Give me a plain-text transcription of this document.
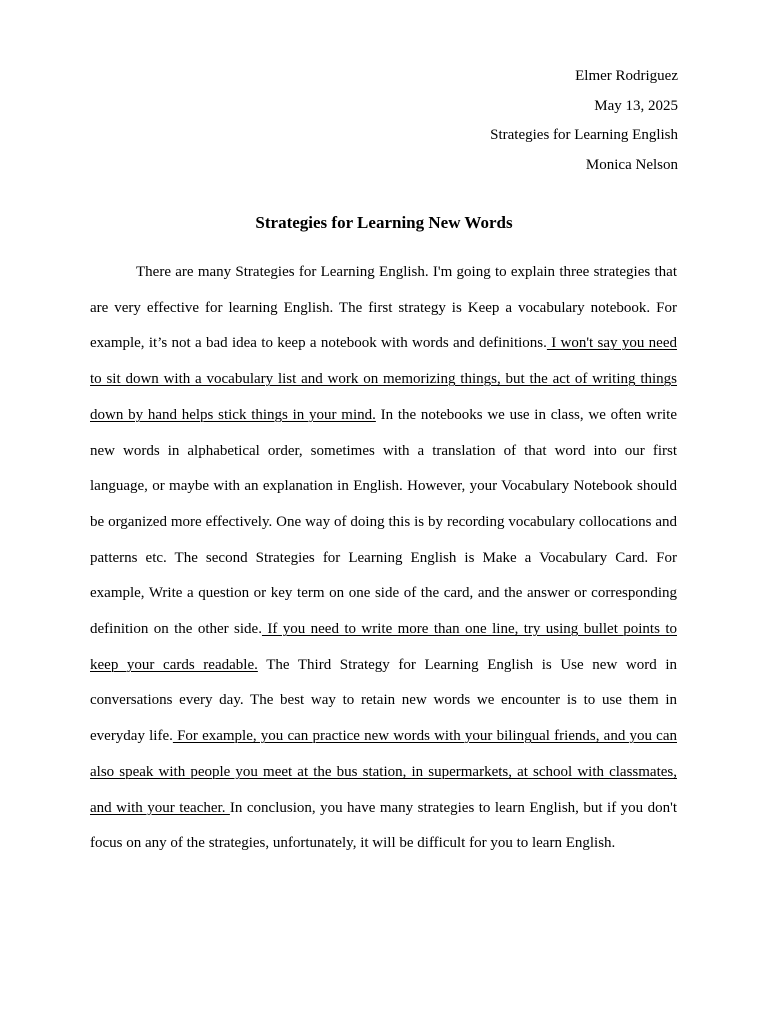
Elmer Rodriguez
May 13, 2025
Strategies for Learning English
Monica Nelson
Strategies for Learning New Words

There are many Strategies for Learning English. I'm going to explain three strategies that are very effective for learning English. The first strategy is Keep a vocabulary notebook. For example, it’s not a bad idea to keep a notebook with words and definitions. I won't say you need to sit down with a vocabulary list and work on memorizing things, but the act of writing things down by hand helps stick things in your mind. In the notebooks we use in class, we often write new words in alphabetical order, sometimes with a translation of that word into our first language, or maybe with an explanation in English. However, your Vocabulary Notebook should be organized more effectively. One way of doing this is by recording vocabulary collocations and patterns etc. The second Strategies for Learning English is Make a Vocabulary Card. For example, Write a question or key term on one side of the card, and the answer or corresponding definition on the other side. If you need to write more than one line, try using bullet points to keep your cards readable. The Third Strategy for Learning English is Use new word in conversations every day. The best way to retain new words we encounter is to use them in everyday life. For example, you can practice new words with your bilingual friends, and you can also speak with people you meet at the bus station, in supermarkets, at school with classmates, and with your teacher. In conclusion, you have many strategies to learn English, but if you don't focus on any of the strategies, unfortunately, it will be difficult for you to learn English.
